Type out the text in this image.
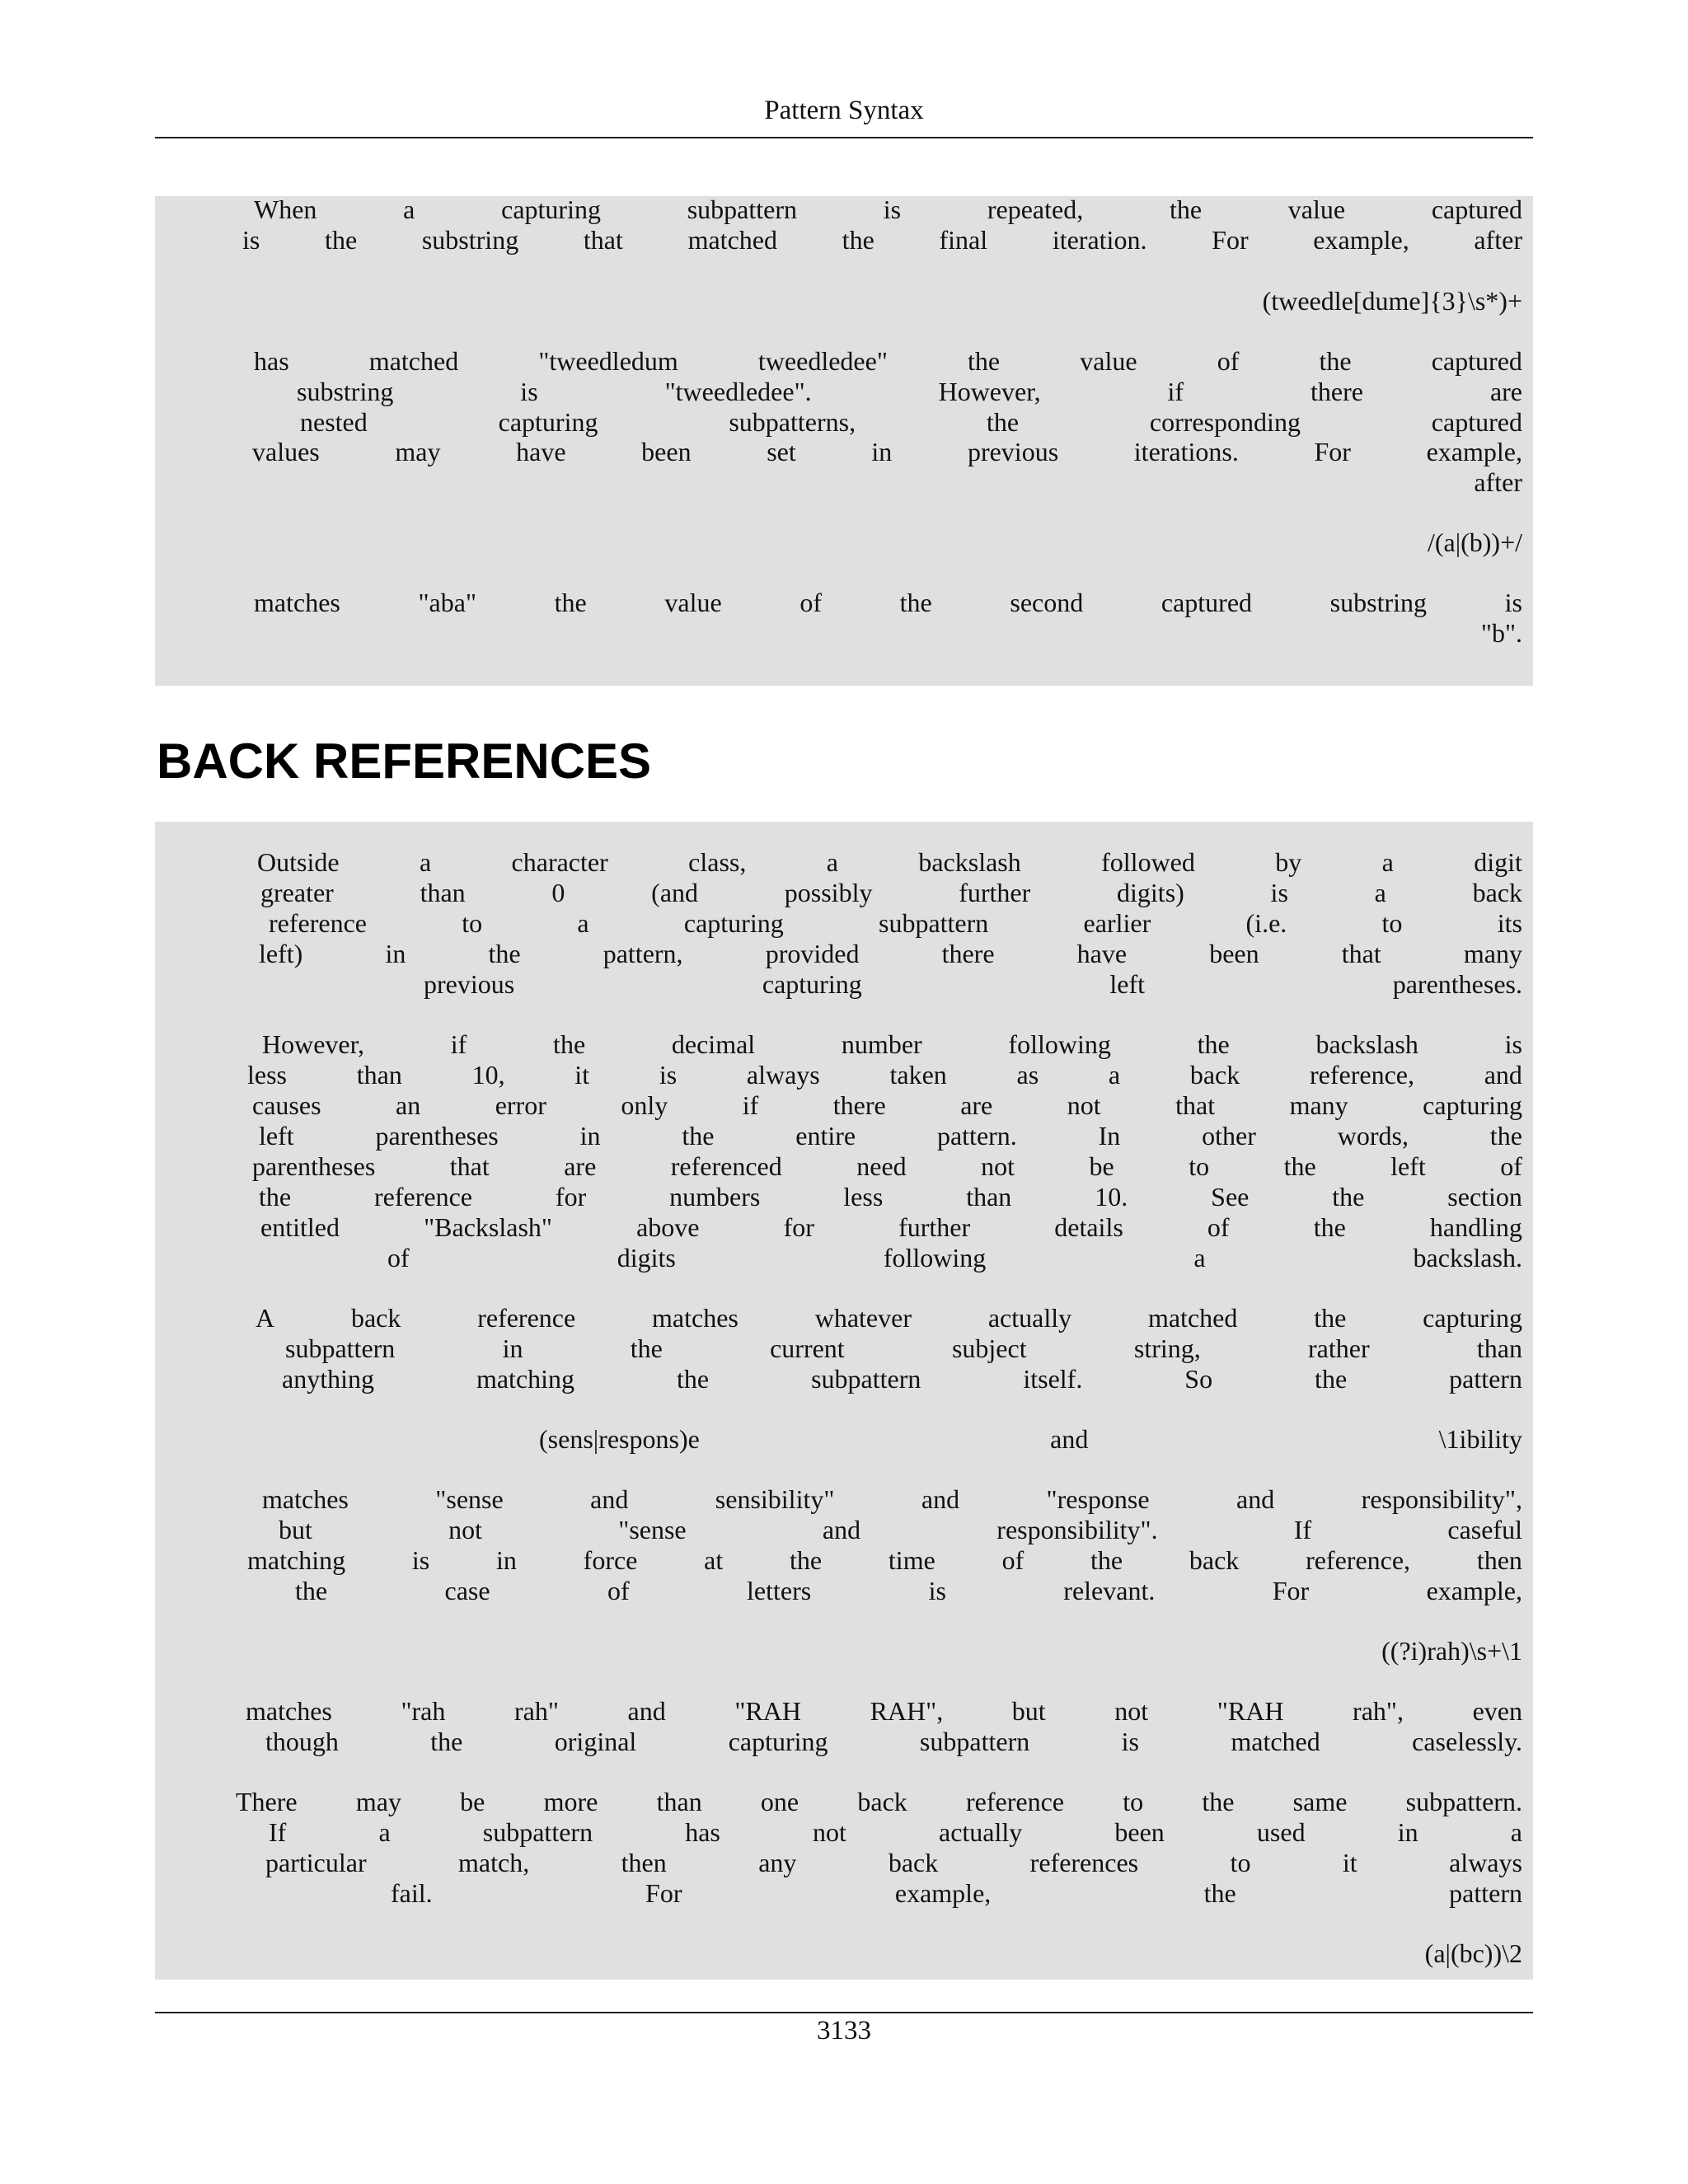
Pattern Syntax
BACK REFERENCES
3133
When	a	capturing	subpattern	is	repeated,	the	value	captured
is the substring that matched the final iteration. For example, after
(tweedle[dume]{3}\s*)+
has	matched	"tweedledum	tweedledee"	the	value	of	the	captured
substring	is	"tweedledee".	However,	if	there	are
nested	capturing	subpatterns,	the	corresponding	captured
values	may	have	been	set	in	previous	iterations.	For	example,
after
/(a|(b))+/
matches	"aba"	the	value	of	the	second	captured	substring	is
"b".
Outside	a	character	class,	a	backslash	followed	by	a	digit
greater	than	0	(and	possibly	further	digits)	is	a	back
reference	to	a	capturing	subpattern	earlier	(i.e.	to	its
left)	in	the	pattern,	provided	there	have	been	that	many
previous	capturing	left	parentheses.
However,	if	the	decimal	number	following	the	backslash	is
less	than	10,	it	is	always	taken	as	a	back	reference,	and
causes	an	error	only	if	there	are	not	that	many	capturing
left	parentheses	in	the	entire	pattern.	In	other	words,	the
parentheses	that	are	referenced	need	not	be	to	the	left	of
the	reference	for	numbers	less	than	10.	See	the	section
entitled	"Backslash"	above	for	further	details	of	the	handling
of	digits	following	a	backslash.
A	back	reference	matches	whatever	actually	matched	the	capturing
subpattern	in	the	current	subject	string,	rather	than
anything	matching	the	subpattern	itself.	So	the	pattern
(sens|respons)e	and	\1ibility
matches	"sense	and	sensibility"	and	"response	and	responsibility",
but	not	"sense	and	responsibility".	If	caseful
matching	is	in	force	at	the	time	of	the	back	reference,	then
the	case	of	letters	is	relevant.	For	example,
((?i)rah)\s+\1
matches	"rah	rah"	and	"RAH	RAH",	but	not	"RAH	rah",	even
though	the	original	capturing	subpattern	is	matched	caselessly.
There may be more than one back reference to the same subpattern.
If	a	subpattern	has	not	actually	been	used	in	a
particular	match,	then	any	back	references	to	it	always
fail.	For	example,	the	pattern
(a|(bc))\2
